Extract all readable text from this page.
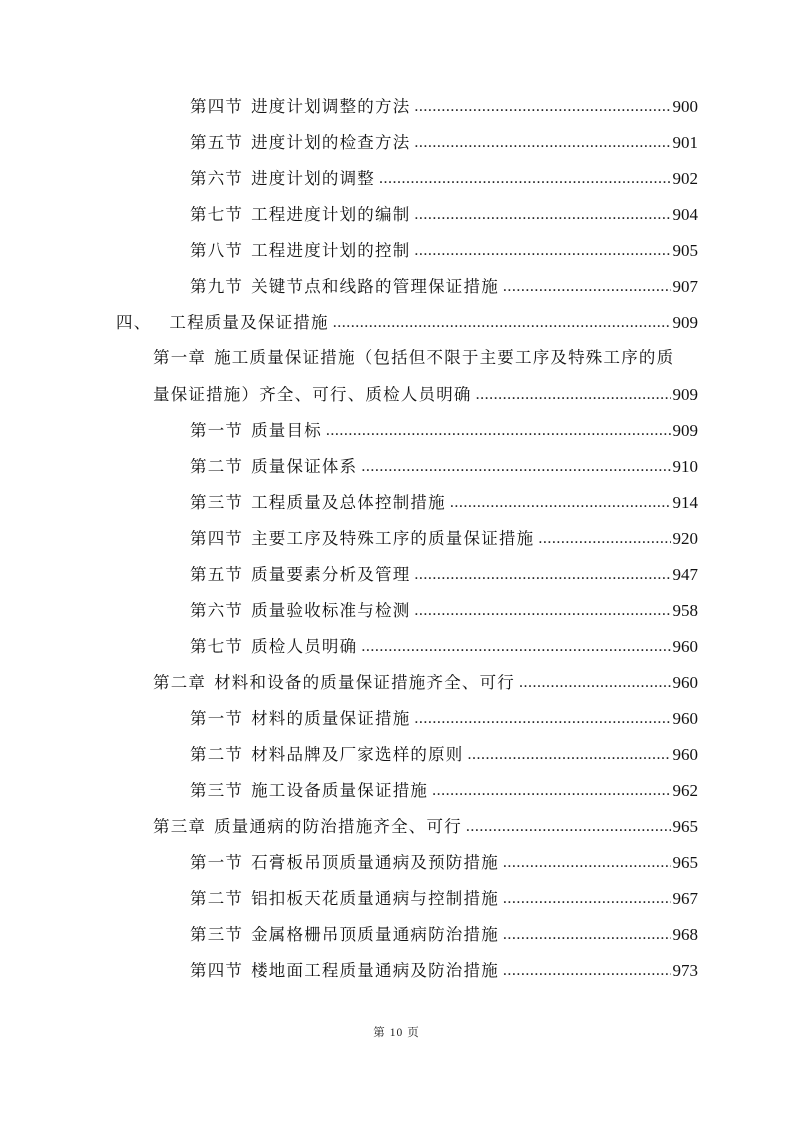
第四节 进度计划调整的方法 .....	900
第五节 进度计划的检查方法 .....	901
第六节 进度计划的调整 .....	902
第七节 工程进度计划的编制 .....	904
第八节 工程进度计划的控制 .....	905
第九节 关键节点和线路的管理保证措施 .....	907
四、 工程质量及保证措施 .....	909
第一章 施工质量保证措施（包括但不限于主要工序及特殊工序的质
量保证措施）齐全、可行、质检人员明确 .....	909
第一节 质量目标 .....	909
第二节 质量保证体系 .....	910
第三节 工程质量及总体控制措施 .....	914
第四节 主要工序及特殊工序的质量保证措施 .....	920
第五节 质量要素分析及管理 .....	947
第六节 质量验收标准与检测 .....	958
第七节 质检人员明确 .....	960
第二章 材料和设备的质量保证措施齐全、可行 .....	960
第一节 材料的质量保证措施 .....	960
第二节 材料品牌及厂家选样的原则 .....	960
第三节 施工设备质量保证措施 .....	962
第三章 质量通病的防治措施齐全、可行 .....	965
第一节 石膏板吊顶质量通病及预防措施 .....	965
第二节 铝扣板天花质量通病与控制措施 .....	967
第三节 金属格栅吊顶质量通病防治措施 .....	968
第四节 楼地面工程质量通病及防治措施 .....	973
第 10 页
